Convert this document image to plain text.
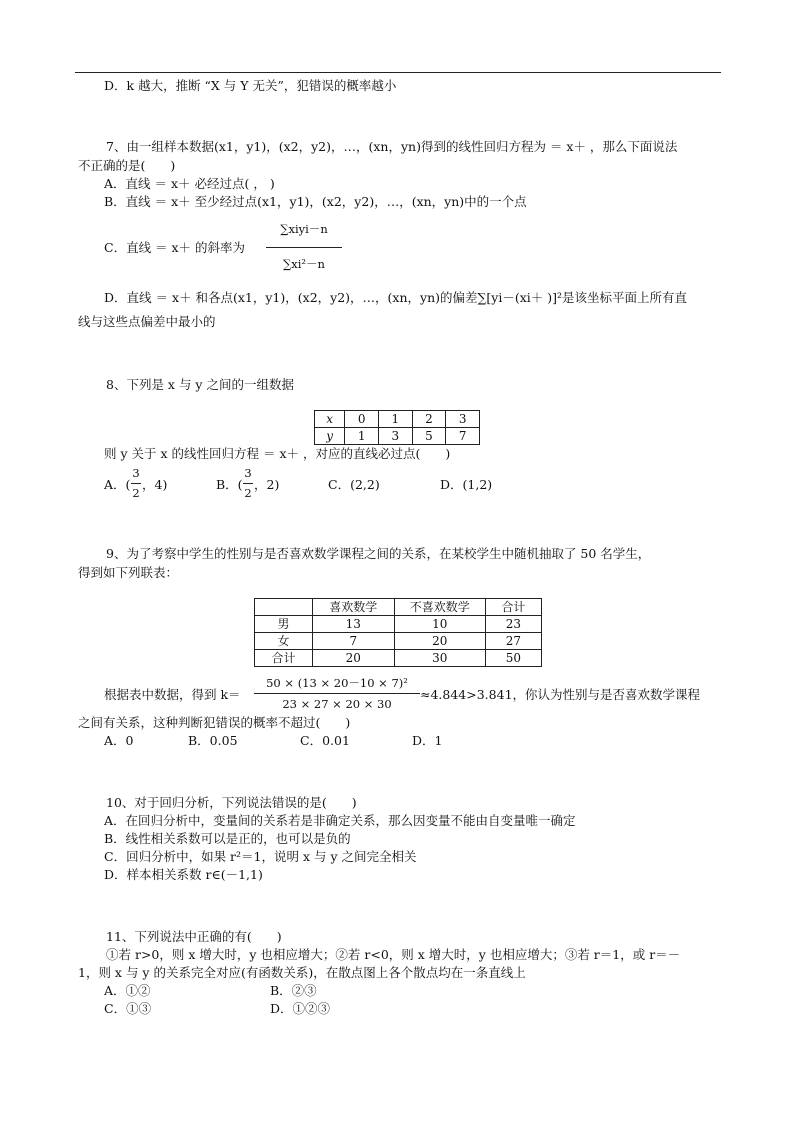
D．k 越大，推断 “X 与 Y 无关”，犯错误的概率越小
7、由一组样本数据(x1，y1)，(x2，y2)，…，(xn，yn)得到的线性回归方程为 ＝ x＋ ，那么下面说法
不正确的是(　　)
A．直线 ＝ x＋ 必经过点( ， )
B．直线 ＝ x＋ 至少经过点(x1，y1)，(x2，y2)，…，(xn，yn)中的一个点
C．直线 ＝ x＋ 的斜率为
∑xiyi－n
∑xi²－n
D．直线 ＝ x＋ 和各点(x1，y1)，(x2，y2)，…，(xn，yn)的偏差∑[yi－(xi＋ )]²是该坐标平面上所有直
线与这些点偏差中最小的
8、下列是 x 与 y 之间的一组数据
x	0	1	2	3
y	1	3	5	7
则 y 关于 x 的线性回归方程 ＝ x＋ ，对应的直线必过点(　　)
A．(
3
2
，4)	B．(
3
2
，2)	C．(2,2)	D．(1,2)
9、为了考察中学生的性别与是否喜欢数学课程之间的关系，在某校学生中随机抽取了 50 名学生，
得到如下列联表：
	喜欢数学	不喜欢数学	合计
男	13	10	23
女	7	20	27
合计	20	30	50
根据表中数据，得到 k＝
50 × (13 × 20－10 × 7)²
23 × 27 × 20 × 30
≈4.844>3.841，你认为性别与是否喜欢数学课程
之间有关系，这种判断犯错误的概率不超过(　　)
A．0	B．0.05	C．0.01	D．1
10、对于回归分析，下列说法错误的是(　　)
A．在回归分析中，变量间的关系若是非确定关系，那么因变量不能由自变量唯一确定
B．线性相关系数可以是正的，也可以是负的
C．回归分析中，如果 r²＝1，说明 x 与 y 之间完全相关
D．样本相关系数 r∈(－1,1)
11、下列说法中正确的有(　　)
①若 r>0，则 x 增大时，y 也相应增大；②若 r<0，则 x 增大时，y 也相应增大；③若 r＝1，或 r＝－
1，则 x 与 y 的关系完全对应(有函数关系)，在散点图上各个散点均在一条直线上
A．①②	B．②③
C．①③	D．①②③
